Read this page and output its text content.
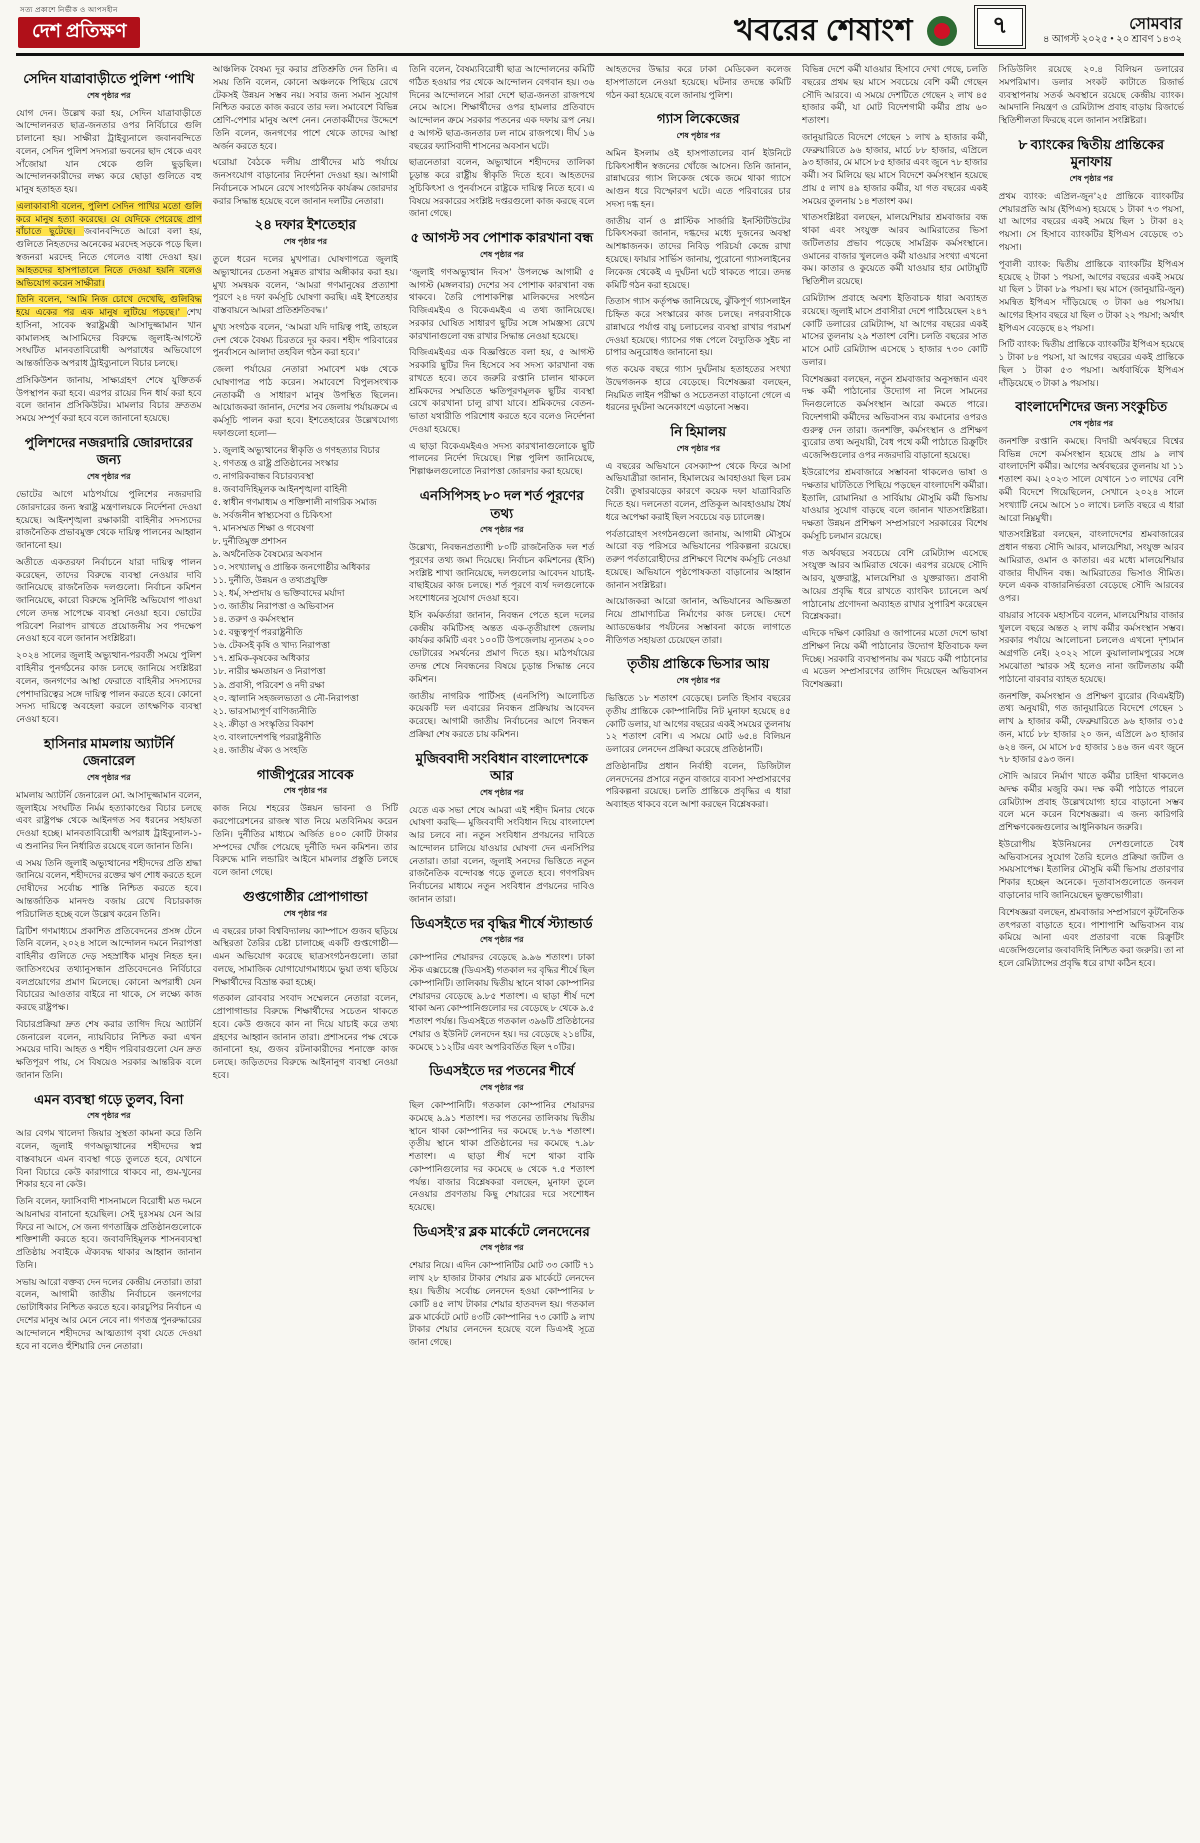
সত্য প্রকাশে নির্ভীক ও আপসহীন
দেশ প্রতিক্ষণ	খবরের শেষাংশ	৭	সোমবার
৪ আগস্ট ২০২৫ • ২০ শ্রাবণ ১৪৩২
সেদিন যাত্রাবাড়ীতে পুলিশ ‘পাখি
শেষ পৃষ্ঠার পর

যোগ দেন। উল্লেখ করা হয়, সেদিন যাত্রাবাড়ীতে আন্দোলনরত ছাত্র-জনতার ওপর নির্বিচারে গুলি চালানো হয়। সাক্ষীরা ট্রাইব্যুনালে জবানবন্দিতে বলেন, সেদিন পুলিশ সদস্যরা ভবনের ছাদ থেকে এবং সাঁজোয়া যান থেকে গুলি ছুড়ছিল। আন্দোলনকারীদের লক্ষ্য করে ছোড়া গুলিতে বহু মানুষ হতাহত হয়।

এলাকাবাসী বলেন, পুলিশ সেদিন পাখির মতো গুলি করে মানুষ হত্যা করেছে। যে যেদিকে পেরেছে প্রাণ বাঁচাতে ছুটেছে। জবানবন্দিতে আরো বলা হয়, গুলিতে নিহতদের অনেকের মরদেহ সড়কে পড়ে ছিল। স্বজনরা মরদেহ নিতে গেলেও বাধা দেওয়া হয়। আহতদের হাসপাতালে নিতে দেওয়া হয়নি বলেও অভিযোগ করেন সাক্ষীরা।

তিনি বলেন, ‘আমি নিজ চোখে দেখেছি, গুলিবিদ্ধ হয়ে একের পর এক মানুষ লুটিয়ে পড়ছে।’ শেখ হাসিনা, সাবেক স্বরাষ্ট্রমন্ত্রী আসাদুজ্জামান খান কামালসহ আসামিদের বিরুদ্ধে জুলাই-আগস্টে সংঘটিত মানবতাবিরোধী অপরাধের অভিযোগে আন্তর্জাতিক অপরাধ ট্রাইব্যুনালে বিচার চলছে।

প্রসিকিউশন জানায়, সাক্ষ্যগ্রহণ শেষে যুক্তিতর্ক উপস্থাপন করা হবে। এরপর রায়ের দিন ধার্য করা হবে বলে জানান প্রসিকিউটর। মামলার বিচার দ্রুততম সময়ে সম্পূর্ণ করা হবে বলে জানানো হয়েছে।

পুলিশদের নজরদারি জোরদারের জন্য
শেষ পৃষ্ঠার পর

ভোটের আগে মাঠপর্যায়ে পুলিশের নজরদারি জোরদারের জন্য স্বরাষ্ট্র মন্ত্রণালয়কে নির্দেশনা দেওয়া হয়েছে। আইনশৃঙ্খলা রক্ষাকারী বাহিনীর সদস্যদের রাজনৈতিক প্রভাবমুক্ত থেকে দায়িত্ব পালনের আহ্বান জানানো হয়।

অতীতে একতরফা নির্বাচনে যারা দায়িত্ব পালন করেছেন, তাদের বিরুদ্ধে ব্যবস্থা নেওয়ার দাবি জানিয়েছে রাজনৈতিক দলগুলো। নির্বাচন কমিশন জানিয়েছে, কারো বিরুদ্ধে সুনির্দিষ্ট অভিযোগ পাওয়া গেলে তদন্ত সাপেক্ষে ব্যবস্থা নেওয়া হবে। ভোটের পরিবেশ নিরাপদ রাখতে প্রয়োজনীয় সব পদক্ষেপ নেওয়া হবে বলে জানান সংশ্লিষ্টরা।

২০২৪ সালের জুলাই অভ্যুত্থান-পরবর্তী সময়ে পুলিশ বাহিনীর পুনর্গঠনের কাজ চলছে জানিয়ে সংশ্লিষ্টরা বলেন, জনগণের আস্থা ফেরাতে বাহিনীর সদস্যদের পেশাদারিত্বের সঙ্গে দায়িত্ব পালন করতে হবে। কোনো সদস্য দায়িত্বে অবহেলা করলে তাৎক্ষণিক ব্যবস্থা নেওয়া হবে।

হাসিনার মামলায় অ্যাটর্নি জেনারেল
শেষ পৃষ্ঠার পর

মামলায় অ্যাটর্নি জেনারেল মো. আসাদুজ্জামান বলেন, জুলাইয়ে সংঘটিত নির্মম হত্যাকাণ্ডের বিচার চলছে এবং রাষ্ট্রপক্ষ থেকে আইনগত সব ধরনের সহায়তা দেওয়া হচ্ছে। মানবতাবিরোধী অপরাধ ট্রাইব্যুনাল-১-এ শুনানির দিন নির্ধারিত রয়েছে বলে জানান তিনি।

এ সময় তিনি জুলাই অভ্যুত্থানের শহীদদের প্রতি শ্রদ্ধা জানিয়ে বলেন, শহীদদের রক্তের ঋণ শোধ করতে হলে দোষীদের সর্বোচ্চ শাস্তি নিশ্চিত করতে হবে। আন্তর্জাতিক মানদণ্ড বজায় রেখে বিচারকাজ পরিচালিত হচ্ছে বলে উল্লেখ করেন তিনি।

ব্রিটিশ গণমাধ্যমে প্রকাশিত প্রতিবেদনের প্রসঙ্গ টেনে তিনি বলেন, ২০২৪ সালে আন্দোলন দমনে নিরাপত্তা বাহিনীর গুলিতে দেড় সহস্রাধিক মানুষ নিহত হন। জাতিসংঘের তথ্যানুসন্ধান প্রতিবেদনেও নির্বিচারে বলপ্রয়োগের প্রমাণ মিলেছে। কোনো অপরাধী যেন বিচারের আওতার বাইরে না থাকে, সে লক্ষ্যে কাজ করছে রাষ্ট্রপক্ষ।

বিচারপ্রক্রিয়া দ্রুত শেষ করার তাগিদ দিয়ে অ্যাটর্নি জেনারেল বলেন, ন্যায়বিচার নিশ্চিত করা এখন সময়ের দাবি। আহত ও শহীদ পরিবারগুলো যেন দ্রুত ক্ষতিপূরণ পায়, সে বিষয়েও সরকার আন্তরিক বলে জানান তিনি।

এমন ব্যবস্থা গড়ে তুলব, বিনা
শেষ পৃষ্ঠার পর

আর বেগম খালেদা জিয়ার সুস্থতা কামনা করে তিনি বলেন, জুলাই গণঅভ্যুত্থানের শহীদদের স্বপ্ন বাস্তবায়নে এমন ব্যবস্থা গড়ে তুলতে হবে, যেখানে বিনা বিচারে কেউ কারাগারে থাকবে না, গুম-খুনের শিকার হবে না কেউ।

তিনি বলেন, ফ্যাসিবাদী শাসনামলে বিরোধী মত দমনে আয়নাঘর বানানো হয়েছিল। সেই দুঃসময় যেন আর ফিরে না আসে, সে জন্য গণতান্ত্রিক প্রতিষ্ঠানগুলোকে শক্তিশালী করতে হবে। জবাবদিহিমূলক শাসনব্যবস্থা প্রতিষ্ঠায় সবাইকে ঐক্যবদ্ধ থাকার আহ্বান জানান তিনি।

সভায় আরো বক্তব্য দেন দলের কেন্দ্রীয় নেতারা। তারা বলেন, আগামী জাতীয় নির্বাচনে জনগণের ভোটাধিকার নিশ্চিত করতে হবে। কারচুপির নির্বাচন এ দেশের মানুষ আর মেনে নেবে না। গণতন্ত্র পুনরুদ্ধারের আন্দোলনে শহীদদের আত্মত্যাগ বৃথা যেতে দেওয়া হবে না বলেও হুঁশিয়ারি দেন নেতারা।

আঞ্চলিক বৈষম্য দূর করার প্রতিশ্রুতি দেন তিনি। এ সময় তিনি বলেন, কোনো অঞ্চলকে পিছিয়ে রেখে টেকসই উন্নয়ন সম্ভব নয়। সবার জন্য সমান সুযোগ নিশ্চিত করতে কাজ করবে তার দল। সমাবেশে বিভিন্ন শ্রেণি-পেশার মানুষ অংশ নেন। নেতাকর্মীদের উদ্দেশে তিনি বলেন, জনগণের পাশে থেকে তাদের আস্থা অর্জন করতে হবে।

ঘরোয়া বৈঠকে দলীয় প্রার্থীদের মাঠ পর্যায়ে জনসংযোগ বাড়ানোর নির্দেশনা দেওয়া হয়। আগামী নির্বাচনকে সামনে রেখে সাংগঠনিক কার্যক্রম জোরদার করার সিদ্ধান্ত হয়েছে বলে জানান দলটির নেতারা।

২৪ দফার ইশতেহার
শেষ পৃষ্ঠার পর

তুলে ধরেন দলের মুখপাত্র। ঘোষণাপত্রে জুলাই অভ্যুত্থানের চেতনা সমুন্নত রাখার অঙ্গীকার করা হয়। মুখ্য সমন্বয়ক বলেন, ‘আমরা গণমানুষের প্রত্যাশা পূরণে ২৪ দফা কর্মসূচি ঘোষণা করছি। এই ইশতেহার বাস্তবায়নে আমরা প্রতিশ্রুতিবদ্ধ।’

মুখ্য সংগঠক বলেন, ‘আমরা যদি দায়িত্ব পাই, তাহলে দেশ থেকে বৈষম্য চিরতরে দূর করব। শহীদ পরিবারের পুনর্বাসনে আলাদা তহবিল গঠন করা হবে।’

জেলা পর্যায়ের নেতারা সমাবেশ মঞ্চ থেকে ঘোষণাপত্র পাঠ করেন। সমাবেশে বিপুলসংখ্যক নেতাকর্মী ও সাধারণ মানুষ উপস্থিত ছিলেন। আয়োজকরা জানান, দেশের সব জেলায় পর্যায়ক্রমে এ কর্মসূচি পালন করা হবে। ইশতেহারের উল্লেখযোগ্য দফাগুলো হলো—

১. জুলাই অভ্যুত্থানের স্বীকৃতি ও গণহত্যার বিচার
২. গণতন্ত্র ও রাষ্ট্র প্রতিষ্ঠানের সংস্কার
৩. নাগরিকবান্ধব বিচারব্যবস্থা
৪. জবাবদিহিমূলক আইনশৃঙ্খলা বাহিনী
৫. স্বাধীন গণমাধ্যম ও শক্তিশালী নাগরিক সমাজ
৬. সর্বজনীন স্বাস্থ্যসেবা ও চিকিৎসা
৭. মানসম্মত শিক্ষা ও গবেষণা
৮. দুর্নীতিমুক্ত প্রশাসন
৯. অর্থনৈতিক বৈষম্যের অবসান
১০. সংখ্যালঘু ও প্রান্তিক জনগোষ্ঠীর অধিকার
১১. দুর্নীতি, উন্নয়ন ও তথ্যপ্রযুক্তি
১২. ধর্ম, সম্প্রদায় ও ভক্তিবাদের মর্যাদা
১৩. জাতীয় নিরাপত্তা ও অভিবাসন
১৪. তরুণ ও কর্মসংস্থান
১৫. বন্ধুত্বপূর্ণ পররাষ্ট্রনীতি
১৬. টেকসই কৃষি ও খাদ্য নিরাপত্তা
১৭. শ্রমিক-কৃষকের অধিকার
১৮. নারীর ক্ষমতায়ন ও নিরাপত্তা
১৯. প্রবাসী, পরিবেশ ও নদী রক্ষা
২০. জ্বালানি সহজলভ্যতা ও নৌ-নিরাপত্তা
২১. ভারসাম্যপূর্ণ বাণিজ্যনীতি
২২. ক্রীড়া ও সংস্কৃতির বিকাশ
২৩. বাংলাদেশপন্থি পররাষ্ট্রনীতি
২৪. জাতীয় ঐক্য ও সংহতি
গাজীপুরের সাবেক
শেষ পৃষ্ঠার পর

কাজ নিয়ে শহরের উন্নয়ন ভাবনা ও সিটি করপোরেশনের রাজস্ব খাত নিয়ে মতবিনিময় করেন তিনি। দুর্নীতির মাধ্যমে অর্জিত ৪০০ কোটি টাকার সম্পদের খোঁজ পেয়েছে দুর্নীতি দমন কমিশন। তার বিরুদ্ধে মানি লন্ডারিং আইনে মামলার প্রস্তুতি চলছে বলে জানা গেছে।

গুপ্তগোষ্ঠীর প্রোপাগান্ডা
শেষ পৃষ্ঠার পর

এ বছরের ঢাকা বিশ্ববিদ্যালয় ক্যাম্পাসে গুজব ছড়িয়ে অস্থিরতা তৈরির চেষ্টা চালাচ্ছে একটি গুপ্তগোষ্ঠী— এমন অভিযোগ করেছে ছাত্রসংগঠনগুলো। তারা বলছে, সামাজিক যোগাযোগমাধ্যমে ভুয়া তথ্য ছড়িয়ে শিক্ষার্থীদের বিভ্রান্ত করা হচ্ছে।

গতকাল রোববার সংবাদ সম্মেলনে নেতারা বলেন, প্রোপাগান্ডার বিরুদ্ধে শিক্ষার্থীদের সচেতন থাকতে হবে। কেউ গুজবে কান না দিয়ে যাচাই করে তথ্য গ্রহণের আহ্বান জানান তারা। প্রশাসনের পক্ষ থেকে জানানো হয়, গুজব রটনাকারীদের শনাক্তে কাজ চলছে। জড়িতদের বিরুদ্ধে আইনানুগ ব্যবস্থা নেওয়া হবে।

তিনি বলেন, বৈষম্যবিরোধী ছাত্র আন্দোলনের কমিটি গঠিত হওয়ার পর থেকে আন্দোলন বেগবান হয়। ৩৬ দিনের আন্দোলনে সারা দেশে ছাত্র-জনতা রাজপথে নেমে আসে। শিক্ষার্থীদের ওপর হামলার প্রতিবাদে আন্দোলন ক্রমে সরকার পতনের এক দফায় রূপ নেয়। ৫ আগস্ট ছাত্র-জনতার ঢল নামে রাজপথে। দীর্ঘ ১৬ বছরের ফ্যাসিবাদী শাসনের অবসান ঘটে।

ছাত্রনেতারা বলেন, অভ্যুত্থানে শহীদদের তালিকা চূড়ান্ত করে রাষ্ট্রীয় স্বীকৃতি দিতে হবে। আহতদের সুচিকিৎসা ও পুনর্বাসনে রাষ্ট্রকে দায়িত্ব নিতে হবে। এ বিষয়ে সরকারের সংশ্লিষ্ট দপ্তরগুলো কাজ করছে বলে জানা গেছে।

৫ আগস্ট সব পোশাক কারখানা বন্ধ
শেষ পৃষ্ঠার পর

‘জুলাই গণঅভ্যুত্থান দিবস’ উপলক্ষে আগামী ৫ আগস্ট (মঙ্গলবার) দেশের সব পোশাক কারখানা বন্ধ থাকবে। তৈরি পোশাকশিল্প মালিকদের সংগঠন বিজিএমইএ ও বিকেএমইএ এ তথ্য জানিয়েছে। সরকার ঘোষিত সাধারণ ছুটির সঙ্গে সামঞ্জস্য রেখে কারখানাগুলো বন্ধ রাখার সিদ্ধান্ত নেওয়া হয়েছে।

বিজিএমইএর এক বিজ্ঞপ্তিতে বলা হয়, ৫ আগস্ট সরকারি ছুটির দিন হিসেবে সব সদস্য কারখানা বন্ধ রাখতে হবে। তবে জরুরি রপ্তানি চালান থাকলে শ্রমিকদের সম্মতিতে ক্ষতিপূরণমূলক ছুটির ব্যবস্থা রেখে কারখানা চালু রাখা যাবে। শ্রমিকদের বেতন-ভাতা যথারীতি পরিশোধ করতে হবে বলেও নির্দেশনা দেওয়া হয়েছে।

এ ছাড়া বিকেএমইএও সদস্য কারখানাগুলোকে ছুটি পালনের নির্দেশ দিয়েছে। শিল্প পুলিশ জানিয়েছে, শিল্পাঞ্চলগুলোতে নিরাপত্তা জোরদার করা হয়েছে।

এনসিপিসহ ৮০ দল শর্ত পূরণের তথ্য
শেষ পৃষ্ঠার পর

উল্লেখ্য, নিবন্ধনপ্রত্যাশী ৮০টি রাজনৈতিক দল শর্ত পূরণের তথ্য জমা দিয়েছে। নির্বাচন কমিশনের (ইসি) সংশ্লিষ্ট শাখা জানিয়েছে, দলগুলোর আবেদন যাচাই-বাছাইয়ের কাজ চলছে। শর্ত পূরণে ব্যর্থ দলগুলোকে সংশোধনের সুযোগ দেওয়া হবে।

ইসি কর্মকর্তারা জানান, নিবন্ধন পেতে হলে দলের কেন্দ্রীয় কমিটিসহ অন্তত এক-তৃতীয়াংশ জেলায় কার্যকর কমিটি এবং ১০০টি উপজেলায় ন্যূনতম ২০০ ভোটারের সমর্থনের প্রমাণ দিতে হয়। মাঠপর্যায়ের তদন্ত শেষে নিবন্ধনের বিষয়ে চূড়ান্ত সিদ্ধান্ত নেবে কমিশন।

জাতীয় নাগরিক পার্টিসহ (এনসিপি) আলোচিত কয়েকটি দল এবারের নিবন্ধন প্রক্রিয়ায় আবেদন করেছে। আগামী জাতীয় নির্বাচনের আগে নিবন্ধন প্রক্রিয়া শেষ করতে চায় কমিশন।

মুজিববাদী সংবিধান বাংলাদেশকে আর
শেষ পৃষ্ঠার পর

যেতে এক সভা শেষে আমরা এই শহীদ মিনার থেকে ঘোষণা করছি— মুজিববাদী সংবিধান দিয়ে বাংলাদেশ আর চলবে না। নতুন সংবিধান প্রণয়নের দাবিতে আন্দোলন চালিয়ে যাওয়ার ঘোষণা দেন এনসিপির নেতারা। তারা বলেন, জুলাই সনদের ভিত্তিতে নতুন রাজনৈতিক বন্দোবস্ত গড়ে তুলতে হবে। গণপরিষদ নির্বাচনের মাধ্যমে নতুন সংবিধান প্রণয়নের দাবিও জানান তারা।

ডিএসইতে দর বৃদ্ধির শীর্ষে স্ট্যান্ডার্ড
শেষ পৃষ্ঠার পর

কোম্পানির শেয়ারদর বেড়েছে ৯.৯৬ শতাংশ। ঢাকা স্টক এক্সচেঞ্জে (ডিএসই) গতকাল দর বৃদ্ধির শীর্ষে ছিল কোম্পানিটি। তালিকায় দ্বিতীয় স্থানে থাকা কোম্পানির শেয়ারদর বেড়েছে ৯.৮৫ শতাংশ। এ ছাড়া শীর্ষ দশে থাকা অন্য কোম্পানিগুলোর দর বেড়েছে ৮ থেকে ৯.৫ শতাংশ পর্যন্ত। ডিএসইতে গতকাল ৩৯৬টি প্রতিষ্ঠানের শেয়ার ও ইউনিট লেনদেন হয়। দর বেড়েছে ২১৪টির, কমেছে ১১২টির এবং অপরিবর্তিত ছিল ৭০টির।

ডিএসইতে দর পতনের শীর্ষে
শেষ পৃষ্ঠার পর

ছিল কোম্পানিটি। গতকাল কোম্পানির শেয়ারদর কমেছে ৯.৯১ শতাংশ। দর পতনের তালিকায় দ্বিতীয় স্থানে থাকা কোম্পানির দর কমেছে ৮.৭৬ শতাংশ। তৃতীয় স্থানে থাকা প্রতিষ্ঠানের দর কমেছে ৭.৯৮ শতাংশ। এ ছাড়া শীর্ষ দশে থাকা বাকি কোম্পানিগুলোর দর কমেছে ৬ থেকে ৭.৫ শতাংশ পর্যন্ত। বাজার বিশ্লেষকরা বলছেন, মুনাফা তুলে নেওয়ার প্রবণতায় কিছু শেয়ারের দরে সংশোধন হয়েছে।

ডিএসই’র ব্লক মার্কেটে লেনদেনের
শেষ পৃষ্ঠার পর

শেয়ার নিয়ে। এদিন কোম্পানিটির মোট ৩৩ কোটি ৭১ লাখ ২৮ হাজার টাকার শেয়ার ব্লক মার্কেটে লেনদেন হয়। দ্বিতীয় সর্বোচ্চ লেনদেন হওয়া কোম্পানির ৮ কোটি ৪৫ লাখ টাকার শেয়ার হাতবদল হয়। গতকাল ব্লক মার্কেটে মোট ৪৩টি কোম্পানির ৭৩ কোটি ৯ লাখ টাকার শেয়ার লেনদেন হয়েছে বলে ডিএসই সূত্রে জানা গেছে।

আহতদের উদ্ধার করে ঢাকা মেডিকেল কলেজ হাসপাতালে নেওয়া হয়েছে। ঘটনার তদন্তে কমিটি গঠন করা হয়েছে বলে জানায় পুলিশ।

গ্যাস লিকেজের
শেষ পৃষ্ঠার পর

অমিন ইসলাম ওই হাসপাতালের বার্ন ইউনিটে চিকিৎসাধীন স্বজনের খোঁজে আসেন। তিনি জানান, রান্নাঘরের গ্যাস লিকেজ থেকে জমে থাকা গ্যাসে আগুন ধরে বিস্ফোরণ ঘটে। এতে পরিবারের চার সদস্য দগ্ধ হন।

জাতীয় বার্ন ও প্লাস্টিক সার্জারি ইনস্টিটিউটের চিকিৎসকরা জানান, দগ্ধদের মধ্যে দুজনের অবস্থা আশঙ্কাজনক। তাদের নিবিড় পরিচর্যা কেন্দ্রে রাখা হয়েছে। ফায়ার সার্ভিস জানায়, পুরোনো গ্যাসলাইনের লিকেজ থেকেই এ দুর্ঘটনা ঘটে থাকতে পারে। তদন্ত কমিটি গঠন করা হয়েছে।

তিতাস গ্যাস কর্তৃপক্ষ জানিয়েছে, ঝুঁকিপূর্ণ গ্যাসলাইন চিহ্নিত করে সংস্কারের কাজ চলছে। নগরবাসীকে রান্নাঘরে পর্যাপ্ত বায়ু চলাচলের ব্যবস্থা রাখার পরামর্শ দেওয়া হয়েছে। গ্যাসের গন্ধ পেলে বৈদ্যুতিক সুইচ না চাপার অনুরোধও জানানো হয়।

গত কয়েক বছরে গ্যাস দুর্ঘটনায় হতাহতের সংখ্যা উদ্বেগজনক হারে বেড়েছে। বিশেষজ্ঞরা বলছেন, নিয়মিত লাইন পরীক্ষা ও সচেতনতা বাড়ানো গেলে এ ধরনের দুর্ঘটনা অনেকাংশে এড়ানো সম্ভব।

নি হিমালয়
শেষ পৃষ্ঠার পর

এ বছরের অভিযানে বেসক্যাম্প থেকে ফিরে আসা অভিযাত্রীরা জানান, হিমালয়ের আবহাওয়া ছিল চরম বৈরী। তুষারঝড়ের কারণে কয়েক দফা যাত্রাবিরতি দিতে হয়। দলনেতা বলেন, প্রতিকূল আবহাওয়ায় ধৈর্য ধরে অপেক্ষা করাই ছিল সবচেয়ে বড় চ্যালেঞ্জ।

পর্বতারোহণ সংগঠনগুলো জানায়, আগামী মৌসুমে আরো বড় পরিসরে অভিযানের পরিকল্পনা রয়েছে। তরুণ পর্বতারোহীদের প্রশিক্ষণে বিশেষ কর্মসূচি নেওয়া হয়েছে। অভিযানে পৃষ্ঠপোষকতা বাড়ানোর আহ্বান জানান সংশ্লিষ্টরা।

আয়োজকরা আরো জানান, অভিযানের অভিজ্ঞতা নিয়ে প্রামাণ্যচিত্র নির্মাণের কাজ চলছে। দেশে অ্যাডভেঞ্চার পর্যটনের সম্ভাবনা কাজে লাগাতে নীতিগত সহায়তা চেয়েছেন তারা।

তৃতীয় প্রান্তিকে ভিসার আয়
শেষ পৃষ্ঠার পর

ভিত্তিতে ১৮ শতাংশ বেড়েছে। চলতি হিসাব বছরের তৃতীয় প্রান্তিকে কোম্পানিটির নিট মুনাফা হয়েছে ৪৫ কোটি ডলার, যা আগের বছরের একই সময়ের তুলনায় ১২ শতাংশ বেশি। এ সময়ে মোট ৬৫.৪ বিলিয়ন ডলারের লেনদেন প্রক্রিয়া করেছে প্রতিষ্ঠানটি।

প্রতিষ্ঠানটির প্রধান নির্বাহী বলেন, ডিজিটাল লেনদেনের প্রসারে নতুন বাজারে ব্যবসা সম্প্রসারণের পরিকল্পনা রয়েছে। চলতি প্রান্তিকে প্রবৃদ্ধির এ ধারা অব্যাহত থাকবে বলে আশা করছেন বিশ্লেষকরা।

বিভিন্ন দেশে কর্মী যাওয়ার হিসাবে দেখা গেছে, চলতি বছরের প্রথম ছয় মাসে সবচেয়ে বেশি কর্মী গেছেন সৌদি আরবে। এ সময়ে দেশটিতে গেছেন ২ লাখ ৪৫ হাজার কর্মী, যা মোট বিদেশগামী কর্মীর প্রায় ৬০ শতাংশ।

জানুয়ারিতে বিদেশে গেছেন ১ লাখ ৯ হাজার কর্মী, ফেব্রুয়ারিতে ৯৬ হাজার, মার্চে ৮৮ হাজার, এপ্রিলে ৯৩ হাজার, মে মাসে ৮৫ হাজার এবং জুনে ৭৮ হাজার কর্মী। সব মিলিয়ে ছয় মাসে বিদেশে কর্মসংস্থান হয়েছে প্রায় ৫ লাখ ৪৯ হাজার কর্মীর, যা গত বছরের একই সময়ের তুলনায় ১৪ শতাংশ কম।

খাতসংশ্লিষ্টরা বলছেন, মালয়েশিয়ার শ্রমবাজার বন্ধ থাকা এবং সংযুক্ত আরব আমিরাতের ভিসা জটিলতার প্রভাব পড়েছে সামগ্রিক কর্মসংস্থানে। ওমানের বাজার খুললেও কর্মী যাওয়ার সংখ্যা এখনো কম। কাতার ও কুয়েতে কর্মী যাওয়ার হার মোটামুটি স্থিতিশীল রয়েছে।

রেমিট্যান্স প্রবাহে অবশ্য ইতিবাচক ধারা অব্যাহত রয়েছে। জুলাই মাসে প্রবাসীরা দেশে পাঠিয়েছেন ২৪৭ কোটি ডলারের রেমিট্যান্স, যা আগের বছরের একই মাসের তুলনায় ২৯ শতাংশ বেশি। চলতি বছরের সাত মাসে মোট রেমিট্যান্স এসেছে ১ হাজার ৭৩০ কোটি ডলার।

বিশেষজ্ঞরা বলছেন, নতুন শ্রমবাজার অনুসন্ধান এবং দক্ষ কর্মী পাঠানোর উদ্যোগ না নিলে সামনের দিনগুলোতে কর্মসংস্থান আরো কমতে পারে। বিদেশগামী কর্মীদের অভিবাসন ব্যয় কমানোর ওপরও গুরুত্ব দেন তারা। জনশক্তি, কর্মসংস্থান ও প্রশিক্ষণ ব্যুরোর তথ্য অনুযায়ী, বৈধ পথে কর্মী পাঠাতে রিক্রুটিং এজেন্সিগুলোর ওপর নজরদারি বাড়ানো হয়েছে।

ইউরোপের শ্রমবাজারে সম্ভাবনা থাকলেও ভাষা ও দক্ষতার ঘাটতিতে পিছিয়ে পড়ছেন বাংলাদেশি কর্মীরা। ইতালি, রোমানিয়া ও সার্বিয়ায় মৌসুমি কর্মী ভিসায় যাওয়ার সুযোগ বাড়ছে বলে জানান খাতসংশ্লিষ্টরা। দক্ষতা উন্নয়ন প্রশিক্ষণ সম্প্রসারণে সরকারের বিশেষ কর্মসূচি চলমান রয়েছে।

গত অর্থবছরে সবচেয়ে বেশি রেমিট্যান্স এসেছে সংযুক্ত আরব আমিরাত থেকে। এরপর রয়েছে সৌদি আরব, যুক্তরাষ্ট্র, মালয়েশিয়া ও যুক্তরাজ্য। প্রবাসী আয়ের প্রবৃদ্ধি ধরে রাখতে ব্যাংকিং চ্যানেলে অর্থ পাঠানোয় প্রণোদনা অব্যাহত রাখার সুপারিশ করেছেন বিশ্লেষকরা।

এদিকে দক্ষিণ কোরিয়া ও জাপানের মতো দেশে ভাষা প্রশিক্ষণ নিয়ে কর্মী পাঠানোর উদ্যোগ ইতিবাচক ফল দিচ্ছে। সরকারি ব্যবস্থাপনায় কম খরচে কর্মী পাঠানোর এ মডেল সম্প্রসারণের তাগিদ দিয়েছেন অভিবাসন বিশেষজ্ঞরা।

সিডিউলিং রয়েছে ২০.৪ বিলিয়ন ডলারের সমপরিমাণ। ডলার সংকট কাটাতে রিজার্ভ ব্যবস্থাপনায় সতর্ক অবস্থানে রয়েছে কেন্দ্রীয় ব্যাংক। আমদানি নিয়ন্ত্রণ ও রেমিট্যান্স প্রবাহ বাড়ায় রিজার্ভে স্থিতিশীলতা ফিরছে বলে জানান সংশ্লিষ্টরা।

৮ ব্যাংকের দ্বিতীয় প্রান্তিকের মুনাফায়
শেষ পৃষ্ঠার পর

প্রথম ব্যাংক: এপ্রিল-জুন’২৫ প্রান্তিকে ব্যাংকটির শেয়ারপ্রতি আয় (ইপিএস) হয়েছে ১ টাকা ৭৩ পয়সা, যা আগের বছরের একই সময়ে ছিল ১ টাকা ৪২ পয়সা। সে হিসাবে ব্যাংকটির ইপিএস বেড়েছে ৩১ পয়সা।

পূবালী ব্যাংক: দ্বিতীয় প্রান্তিকে ব্যাংকটির ইপিএস হয়েছে ২ টাকা ১ পয়সা, আগের বছরের একই সময়ে যা ছিল ১ টাকা ৮৯ পয়সা। ছয় মাসে (জানুয়ারি-জুন) সমন্বিত ইপিএস দাঁড়িয়েছে ৩ টাকা ৬৪ পয়সায়। আগের হিসাব বছরে যা ছিল ৩ টাকা ২২ পয়সা; অর্থাৎ ইপিএস বেড়েছে ৪২ পয়সা।

সিটি ব্যাংক: দ্বিতীয় প্রান্তিকে ব্যাংকটির ইপিএস হয়েছে ১ টাকা ৮৪ পয়সা, যা আগের বছরের একই প্রান্তিকে ছিল ১ টাকা ৫৩ পয়সা। অর্ধবার্ষিকে ইপিএস দাঁড়িয়েছে ৩ টাকা ৯ পয়সায়।

বাংলাদেশিদের জন্য সংকুচিত
শেষ পৃষ্ঠার পর

জনশক্তি রপ্তানি কমছে। বিদায়ী অর্থবছরে বিশ্বের বিভিন্ন দেশে কর্মসংস্থান হয়েছে প্রায় ৯ লাখ বাংলাদেশি কর্মীর। আগের অর্থবছরের তুলনায় যা ১১ শতাংশ কম। ২০২৩ সালে যেখানে ১৩ লাখের বেশি কর্মী বিদেশে গিয়েছিলেন, সেখানে ২০২৪ সালে সংখ্যাটি নেমে আসে ১০ লাখে। চলতি বছরে এ ধারা আরো নিম্নমুখী।

খাতসংশ্লিষ্টরা বলছেন, বাংলাদেশের শ্রমবাজারের প্রধান গন্তব্য সৌদি আরব, মালয়েশিয়া, সংযুক্ত আরব আমিরাত, ওমান ও কাতার। এর মধ্যে মালয়েশিয়ার বাজার দীর্ঘদিন বন্ধ। আমিরাতের ভিসাও সীমিত। ফলে একক বাজারনির্ভরতা বেড়েছে সৌদি আরবের ওপর।

বায়রার সাবেক মহাসচিব বলেন, মালয়েশিয়ার বাজার খুললে বছরে অন্তত ২ লাখ কর্মীর কর্মসংস্থান সম্ভব। সরকার পর্যায়ে আলোচনা চললেও এখনো দৃশ্যমান অগ্রগতি নেই। ২০২২ সালে কুয়ালালামপুরের সঙ্গে সমঝোতা স্মারক সই হলেও নানা জটিলতায় কর্মী পাঠানো বারবার ব্যাহত হয়েছে।

জনশক্তি, কর্মসংস্থান ও প্রশিক্ষণ ব্যুরোর (বিএমইটি) তথ্য অনুযায়ী, গত জানুয়ারিতে বিদেশে গেছেন ১ লাখ ৯ হাজার কর্মী, ফেব্রুয়ারিতে ৯৬ হাজার ৩১৫ জন, মার্চে ৮৮ হাজার ২০ জন, এপ্রিলে ৯৩ হাজার ৬২৪ জন, মে মাসে ৮৫ হাজার ১৪৬ জন এবং জুনে ৭৮ হাজার ৫৯৩ জন।

সৌদি আরবে নির্মাণ খাতে কর্মীর চাহিদা থাকলেও অদক্ষ কর্মীর মজুরি কম। দক্ষ কর্মী পাঠাতে পারলে রেমিট্যান্স প্রবাহ উল্লেখযোগ্য হারে বাড়ানো সম্ভব বলে মনে করেন বিশেষজ্ঞরা। এ জন্য কারিগরি প্রশিক্ষণকেন্দ্রগুলোর আধুনিকায়ন জরুরি।

ইউরোপীয় ইউনিয়নের দেশগুলোতে বৈধ অভিবাসনের সুযোগ তৈরি হলেও প্রক্রিয়া জটিল ও সময়সাপেক্ষ। ইতালির মৌসুমি কর্মী ভিসায় প্রতারণার শিকার হচ্ছেন অনেকে। দূতাবাসগুলোতে জনবল বাড়ানোর দাবি জানিয়েছেন ভুক্তভোগীরা।

বিশেষজ্ঞরা বলছেন, শ্রমবাজার সম্প্রসারণে কূটনৈতিক তৎপরতা বাড়াতে হবে। পাশাপাশি অভিবাসন ব্যয় কমিয়ে আনা এবং প্রতারণা বন্ধে রিক্রুটিং এজেন্সিগুলোর জবাবদিহি নিশ্চিত করা জরুরি। তা না হলে রেমিট্যান্সের প্রবৃদ্ধি ধরে রাখা কঠিন হবে।
